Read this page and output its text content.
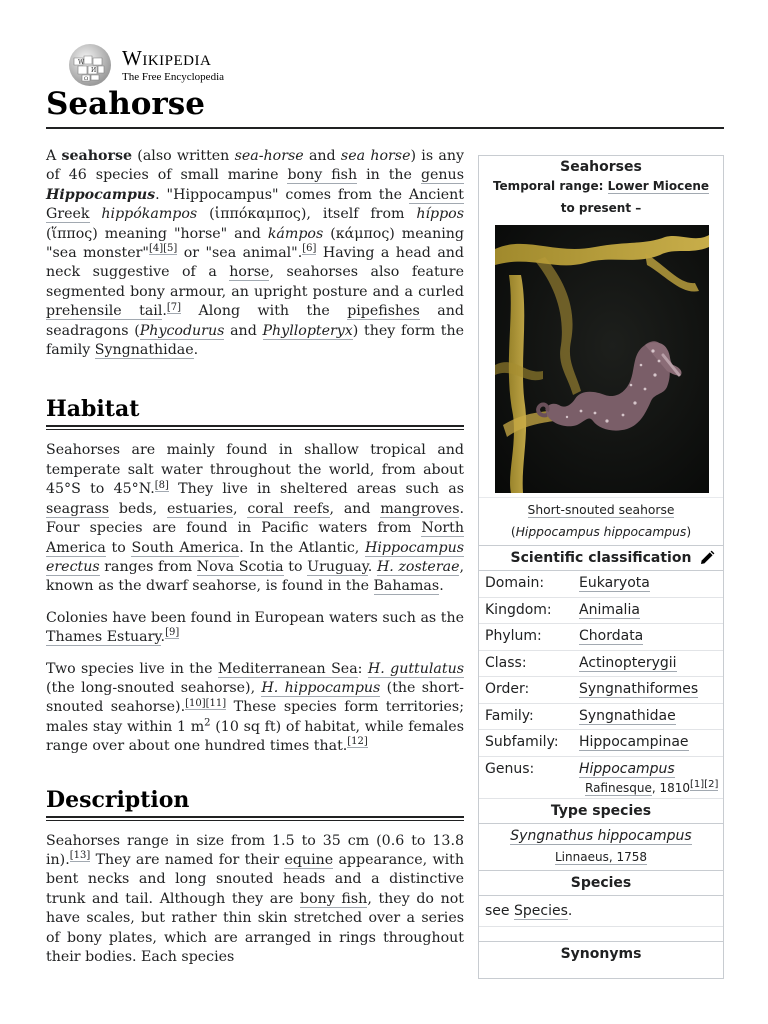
W
И
Ω
Wikipedia
The Free Encyclopedia
Seahorse

A seahorse (also written sea-horse and sea horse) is any of 46 species of small marine bony fish in the genus Hippocampus. "Hippocampus" comes from the Ancient Greek hippókampos (ἱππόκαμπος), itself from híppos (ἵππος) meaning "horse" and kámpos (κάμπος) meaning "sea monster"[4][5] or "sea animal".[6] Having a head and neck suggestive of a horse, seahorses also feature segmented bony armour, an upright posture and a curled prehensile tail.[7] Along with the pipefishes and seadragons (Phycodurus and Phyllopteryx) they form the family Syngnathidae.

Habitat

Seahorses are mainly found in shallow tropical and temperate salt water throughout the world, from about 45°S to 45°N.[8] They live in sheltered areas such as seagrass beds, estuaries, coral reefs, and mangroves. Four species are found in Pacific waters from North America to South America. In the Atlantic, Hippocampus erectus ranges from Nova Scotia to Uruguay. H. zosterae, known as the dwarf seahorse, is found in the Bahamas.

Colonies have been found in European waters such as the Thames Estuary.[9]

Two species live in the Mediterranean Sea: H. guttulatus (the long-snouted seahorse), H. hippocampus (the short-snouted seahorse).[10][11] These species form territories; males stay within 1 $m^2$ (10 sq ft) of habitat, while females range over about one hundred times that.[12]

Description

Seahorses range in size from 1.5 to 35 cm (0.6 to 13.8 in).[13] They are named for their equine appearance, with bent necks and long snouted heads and a distinctive trunk and tail. Although they are bony fish, they do not have scales, but rather thin skin stretched over a series of bony plates, which are arranged in rings throughout their bodies. Each species

Seahorses
Temporal range: Lower Miocene to present –
Short-snouted seahorse
(Hippocampus hippocampus)
Scientific classification
Domain:	Eukaryota
Kingdom:	Animalia
Phylum:	Chordata
Class:	Actinopterygii
Order:	Syngnathiformes
Family:	Syngnathidae
Subfamily:	Hippocampinae
Genus:	Hippocampus
Rafinesque, 1810[1][2]
Type species
Syngnathus hippocampus
Linnaeus, 1758
Species
see Species.
Synonyms
